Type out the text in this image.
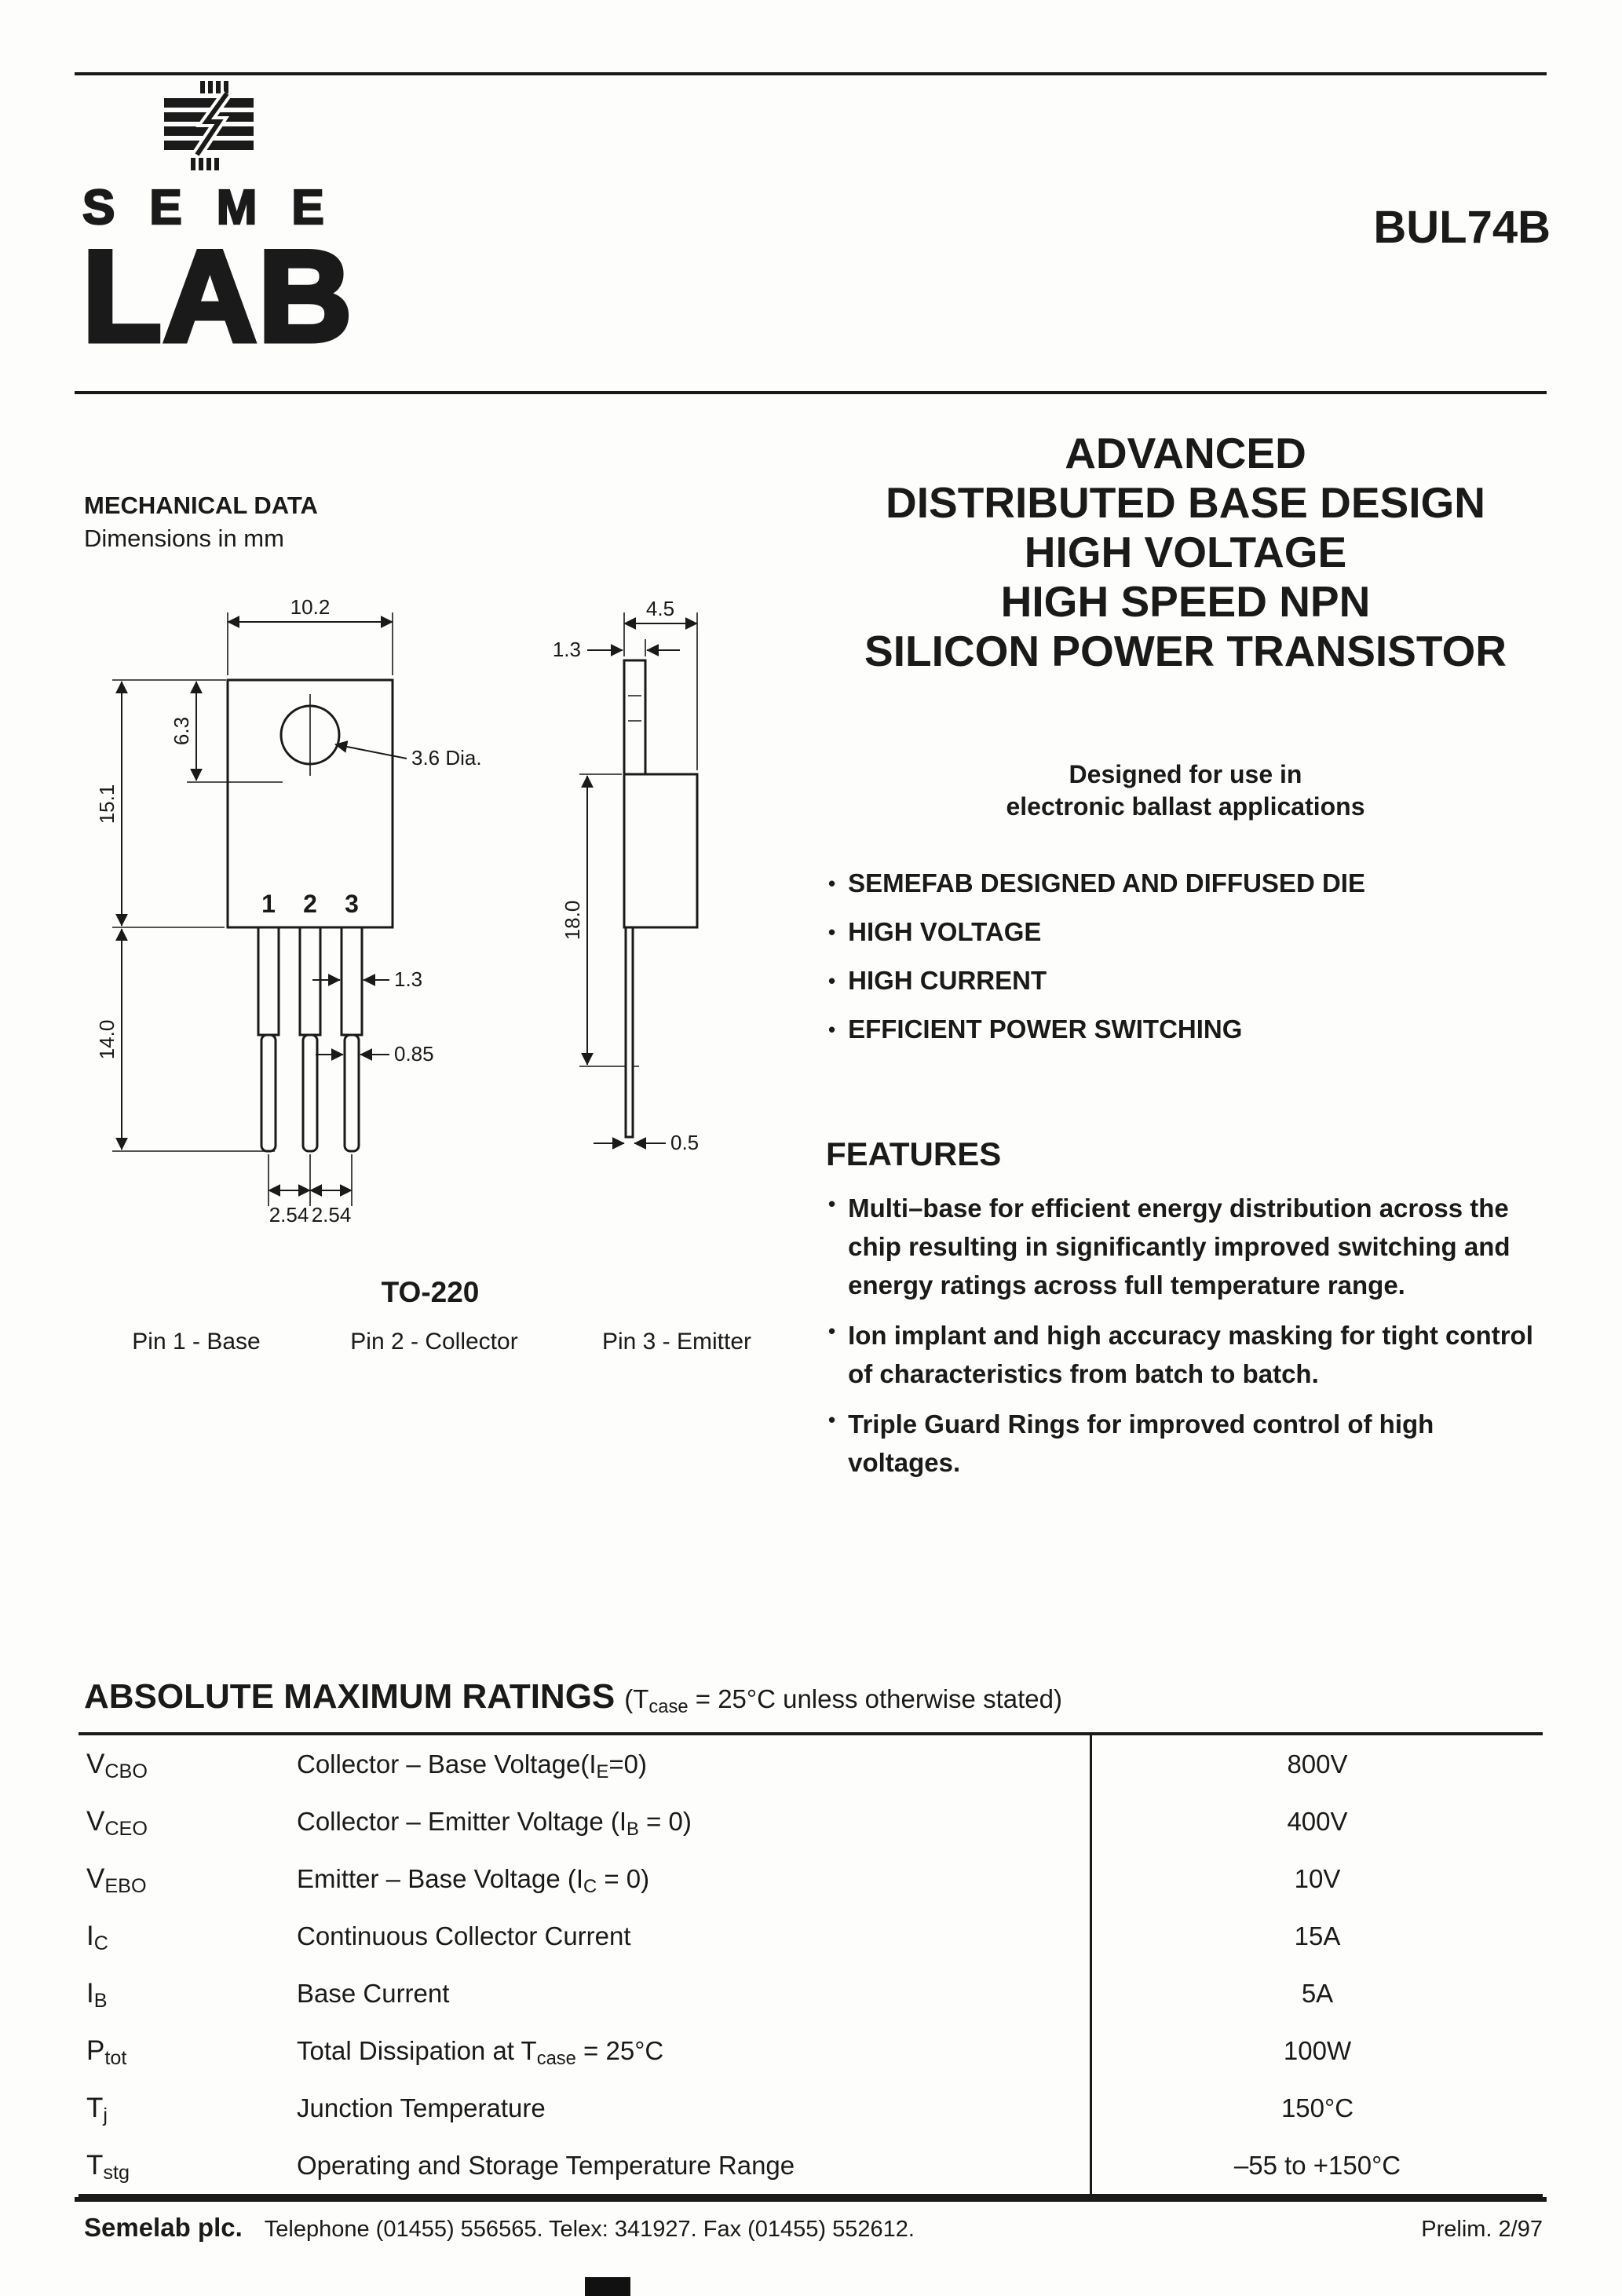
SEME
LAB	BUL74B
MECHANICAL DATA
Dimensions in mm
10.2
3.6 Dia.
6.3
15.1
14.0
1 2 3
1.3
0.85
2.54 2.54
4.5
1.3
18.0
0.5
TO-220
Pin 1 - Base	Pin 2 - Collector	Pin 3 - Emitter
ADVANCED
DISTRIBUTED BASE DESIGN
HIGH VOLTAGE
HIGH SPEED NPN
SILICON POWER TRANSISTOR
Designed for use in
electronic ballast applications
• SEMEFAB DESIGNED AND DIFFUSED DIE
• HIGH VOLTAGE
• HIGH CURRENT
• EFFICIENT POWER SWITCHING
FEATURES
• Multi–base for efficient energy distribution across the chip resulting in significantly improved switching and energy ratings across full temperature range.
• Ion implant and high accuracy masking for tight control of characteristics from batch to batch.
• Triple Guard Rings for improved control of high voltages.
ABSOLUTE MAXIMUM RATINGS (Tcase = 25°C unless otherwise stated)
VCBO	Collector – Base Voltage(IE=0)	800V
VCEO	Collector – Emitter Voltage (IB = 0)	400V
VEBO	Emitter – Base Voltage (IC = 0)	10V
IC	Continuous Collector Current	15A
IB	Base Current	5A
Ptot	Total Dissipation at Tcase = 25°C	100W
Tj	Junction Temperature	150°C
Tstg	Operating and Storage Temperature Range	–55 to +150°C
Semelab plc. Telephone (01455) 556565. Telex: 341927. Fax (01455) 552612.	Prelim. 2/97
